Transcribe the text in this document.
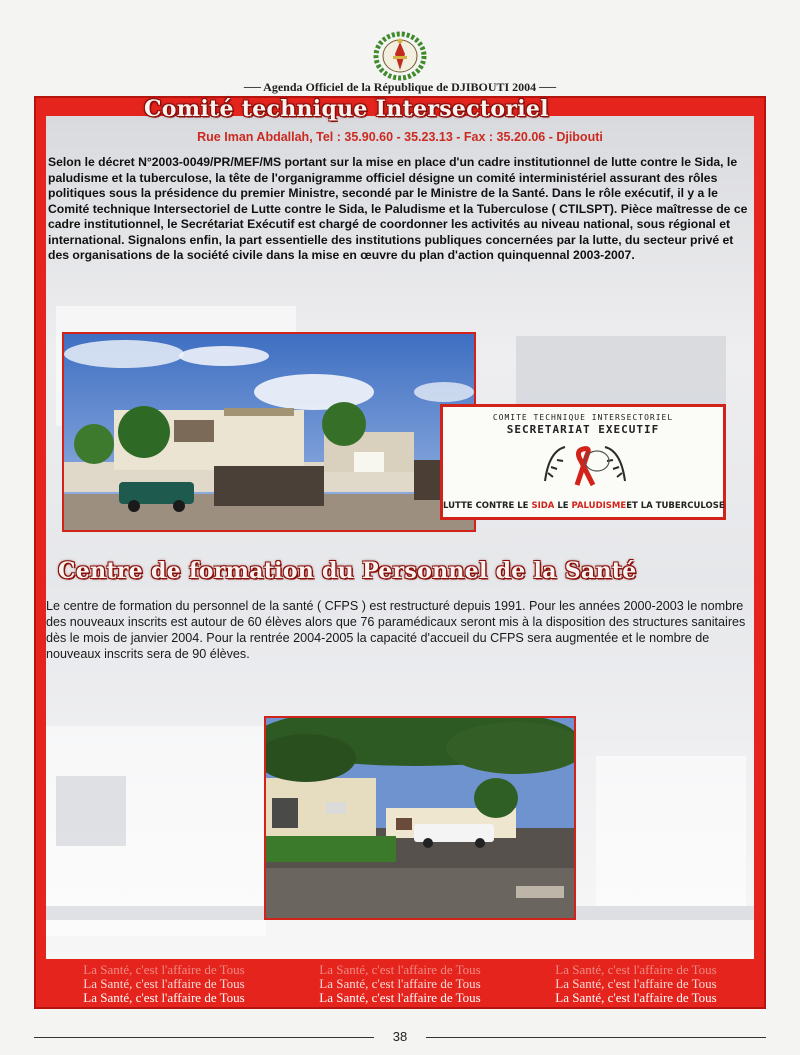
── Agenda Officiel de la République de DJIBOUTI 2004 ──
Comité technique Intersectoriel
Rue Iman Abdallah, Tel : 35.90.60 - 35.23.13 - Fax : 35.20.06 - Djibouti
Selon le décret N°2003-0049/PR/MEF/MS portant sur la mise en place d'un cadre institutionnel de lutte contre le Sida, le paludisme et la tuberculose, la tête de l'organigramme officiel désigne un comité interministériel assurant des rôles politiques sous la présidence du premier Ministre, secondé par le Ministre de la Santé. Dans le rôle exécutif, il y a le Comité technique Intersectoriel de Lutte contre le Sida, le Paludisme et la Tuberculose ( CTILSPT). Pièce maîtresse de ce cadre institutionnel, le Secrétariat Exécutif est chargé de coordonner les activités au niveau national, sous régional et international. Signalons enfin, la part essentielle des institutions publiques concernées par la lutte, du secteur privé et des organisations de la société civile dans la mise en œuvre du plan d'action quinquennal 2003-2007.
COMITE TECHNIQUE INTERSECTORIEL
SECRETARIAT EXECUTIF
LUTTE CONTRE LE SIDA LE PALUDISMEET LA TUBERCULOSE
Centre de formation du Personnel de la Santé
Le centre de formation du personnel de la santé ( CFPS ) est restructuré depuis 1991. Pour les années 2000-2003 le nombre des nouveaux inscrits est autour de 60 élèves alors que 76 paramédicaux seront mis à la disposition des structures sanitaires dès le mois de janvier 2004. Pour la rentrée 2004-2005 la capacité d'accueil du CFPS sera augmentée et le nombre de nouveaux inscrits sera de 90 élèves.
La Santé, c'est l'affaire de Tous	La Santé, c'est l'affaire de Tous	La Santé, c'est l'affaire de Tous
La Santé, c'est l'affaire de Tous	La Santé, c'est l'affaire de Tous	La Santé, c'est l'affaire de Tous
La Santé, c'est l'affaire de Tous	La Santé, c'est l'affaire de Tous	La Santé, c'est l'affaire de Tous
38
